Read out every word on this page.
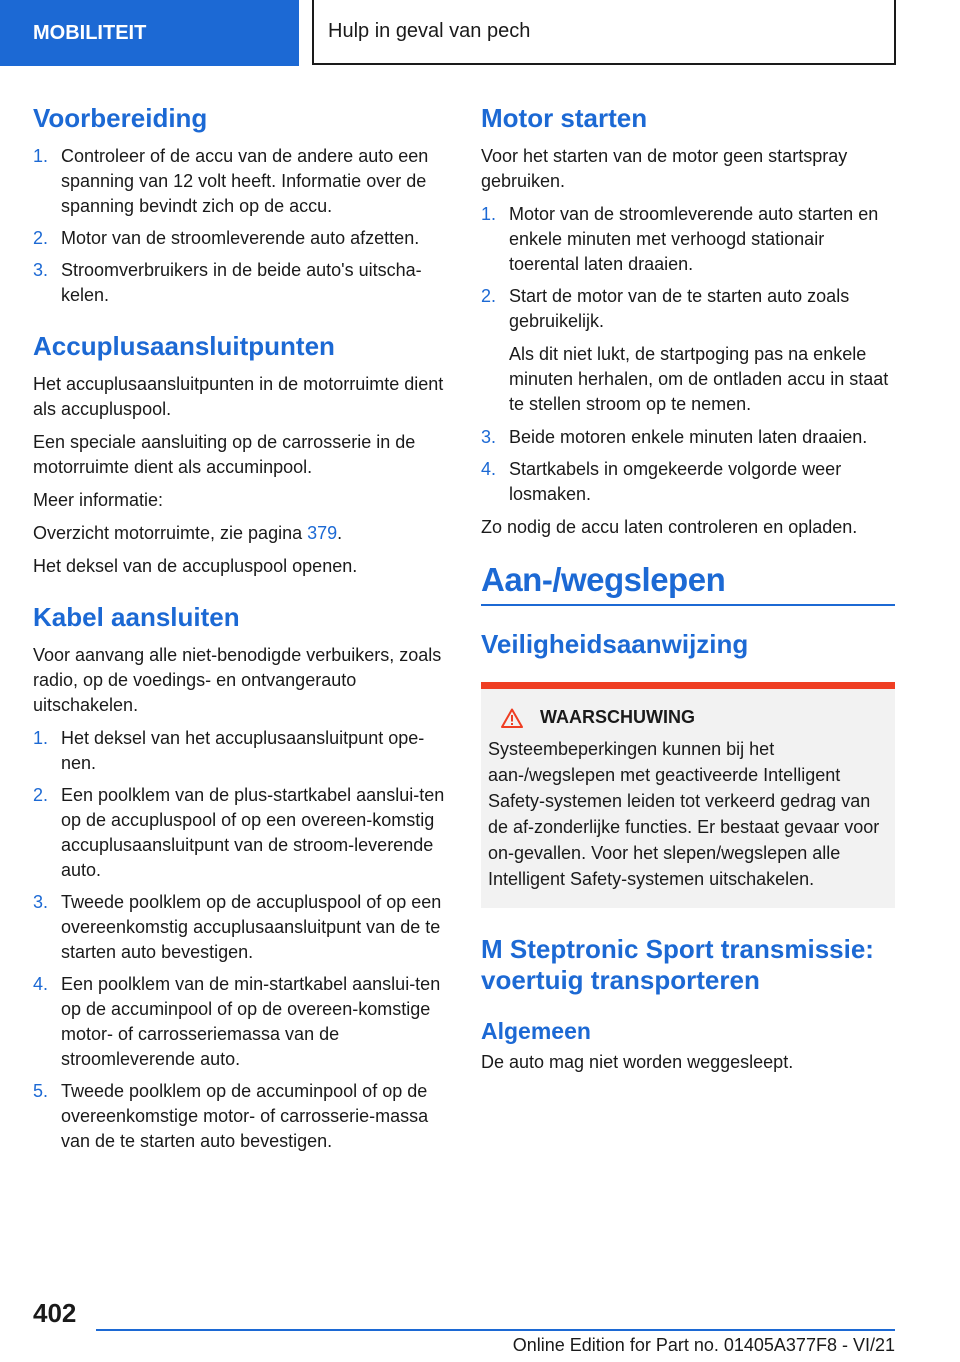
MOBILITEIT	Hulp in geval van pech
Voorbereiding
1. Controleer of de accu van de andere auto een spanning van 12 volt heeft. Informatie over de spanning bevindt zich op de accu.
2. Motor van de stroomleverende auto afzetten.
3. Stroomverbruikers in de beide auto's uitscha‐kelen.
Accuplusaansluitpunten

Het accuplusaansluitpunten in de motorruimte dient als accupluspool.

Een speciale aansluiting op de carrosserie in de motorruimte dient als accuminpool.

Meer informatie:

Overzicht motorruimte, zie pagina 379.

Het deksel van de accupluspool openen.

Kabel aansluiten

Voor aanvang alle niet-benodigde verbuikers, zoals radio, op de voedings- en ontvangerauto uitschakelen.

1. Het deksel van het accuplusaansluitpunt ope‐nen.
2. Een poolklem van de plus-startkabel aanslui‐ten op de accupluspool of op een overeen‐komstig accuplusaansluitpunt van de stroom‐leverende auto.
3. Tweede poolklem op de accupluspool of op een overeenkomstig accuplusaansluitpunt van de te starten auto bevestigen.
4. Een poolklem van de min-startkabel aanslui‐ten op de accuminpool of op de overeen‐komstige motor- of carrosseriemassa van de stroomleverende auto.
5. Tweede poolklem op de accuminpool of op de overeenkomstige motor- of carrosserie‐massa van de te starten auto bevestigen.
Motor starten

Voor het starten van de motor geen startspray gebruiken.

1. Motor van de stroomleverende auto starten en enkele minuten met verhoogd stationair toerental laten draaien.
2. Start de motor van de te starten auto zoals gebruikelijk.
Als dit niet lukt, de startpoging pas na enkele minuten herhalen, om de ontladen accu in staat te stellen stroom op te nemen.
3. Beide motoren enkele minuten laten draaien.
4. Startkabels in omgekeerde volgorde weer losmaken.

Zo nodig de accu laten controleren en opladen.

Aan-/wegslepen
Veiligheidsaanwijzing
WAARSCHUWING
Systeembeperkingen kunnen bij het aan-/wegslepen met geactiveerde Intelligent Safety-systemen leiden tot verkeerd gedrag van de af‐zonderlijke functies. Er bestaat gevaar voor on‐gevallen. Voor het slepen/wegslepen alle Intelligent Safety-systemen uitschakelen.
M Steptronic Sport transmissie: voertuig transporteren
Algemeen

De auto mag niet worden weggesleept.

402
Online Edition for Part no. 01405A377F8 - VI/21
